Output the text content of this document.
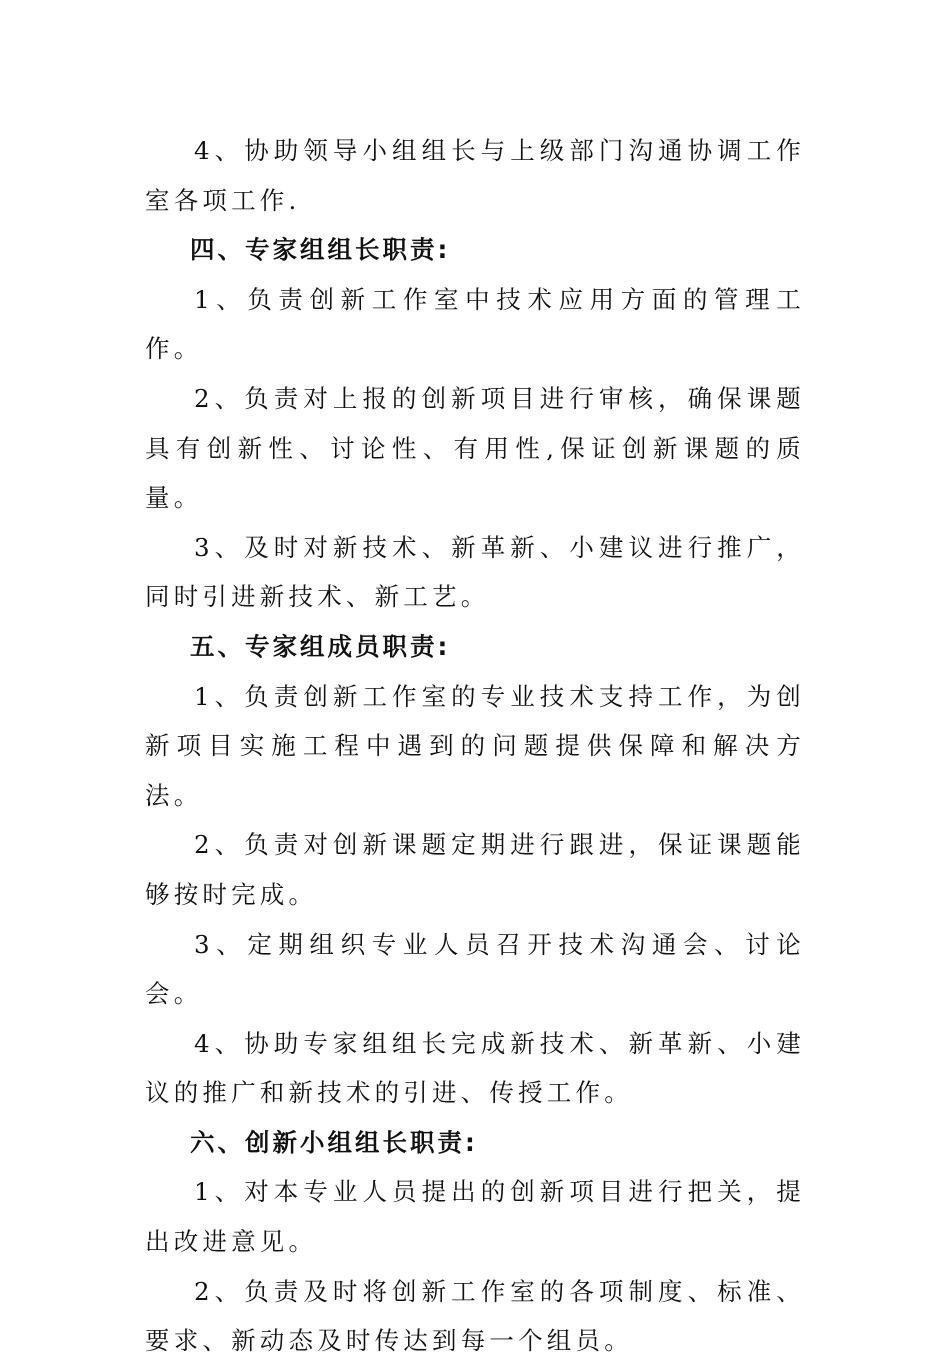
4、协助领导小组组长与上级部门沟通协调工作室各项工作.

四、专家组组长职责:

1、负责创新工作室中技术应用方面的管理工作。

2、负责对上报的创新项目进行审核，确保课题具有创新性、讨论性、有用性,保证创新课题的质量。

3、及时对新技术、新革新、小建议进行推广，同时引进新技术、新工艺。

五、专家组成员职责:

1、负责创新工作室的专业技术支持工作，为创新项目实施工程中遇到的问题提供保障和解决方法。

2、负责对创新课题定期进行跟进，保证课题能够按时完成。

3、定期组织专业人员召开技术沟通会、讨论会。

4、协助专家组组长完成新技术、新革新、小建议的推广和新技术的引进、传授工作。

六、创新小组组长职责:

1、对本专业人员提出的创新项目进行把关，提出改进意见。

2、负责及时将创新工作室的各项制度、标准、要求、新动态及时传达到每一个组员。
